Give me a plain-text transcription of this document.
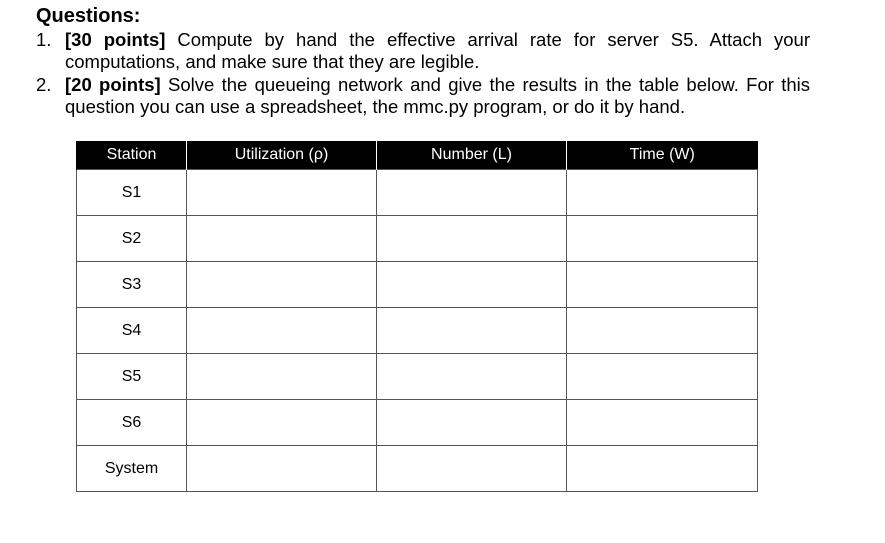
Questions:
1. [30 points] Compute by hand the effective arrival rate for server S5. Attach your computations, and make sure that they are legible.
2. [20 points] Solve the queueing network and give the results in the table below. For this question you can use a spreadsheet, the mmc.py program, or do it by hand.
Station	Utilization (ρ)	Number (L)	Time (W)
S1			
S2			
S3			
S4			
S5			
S6			
System			
